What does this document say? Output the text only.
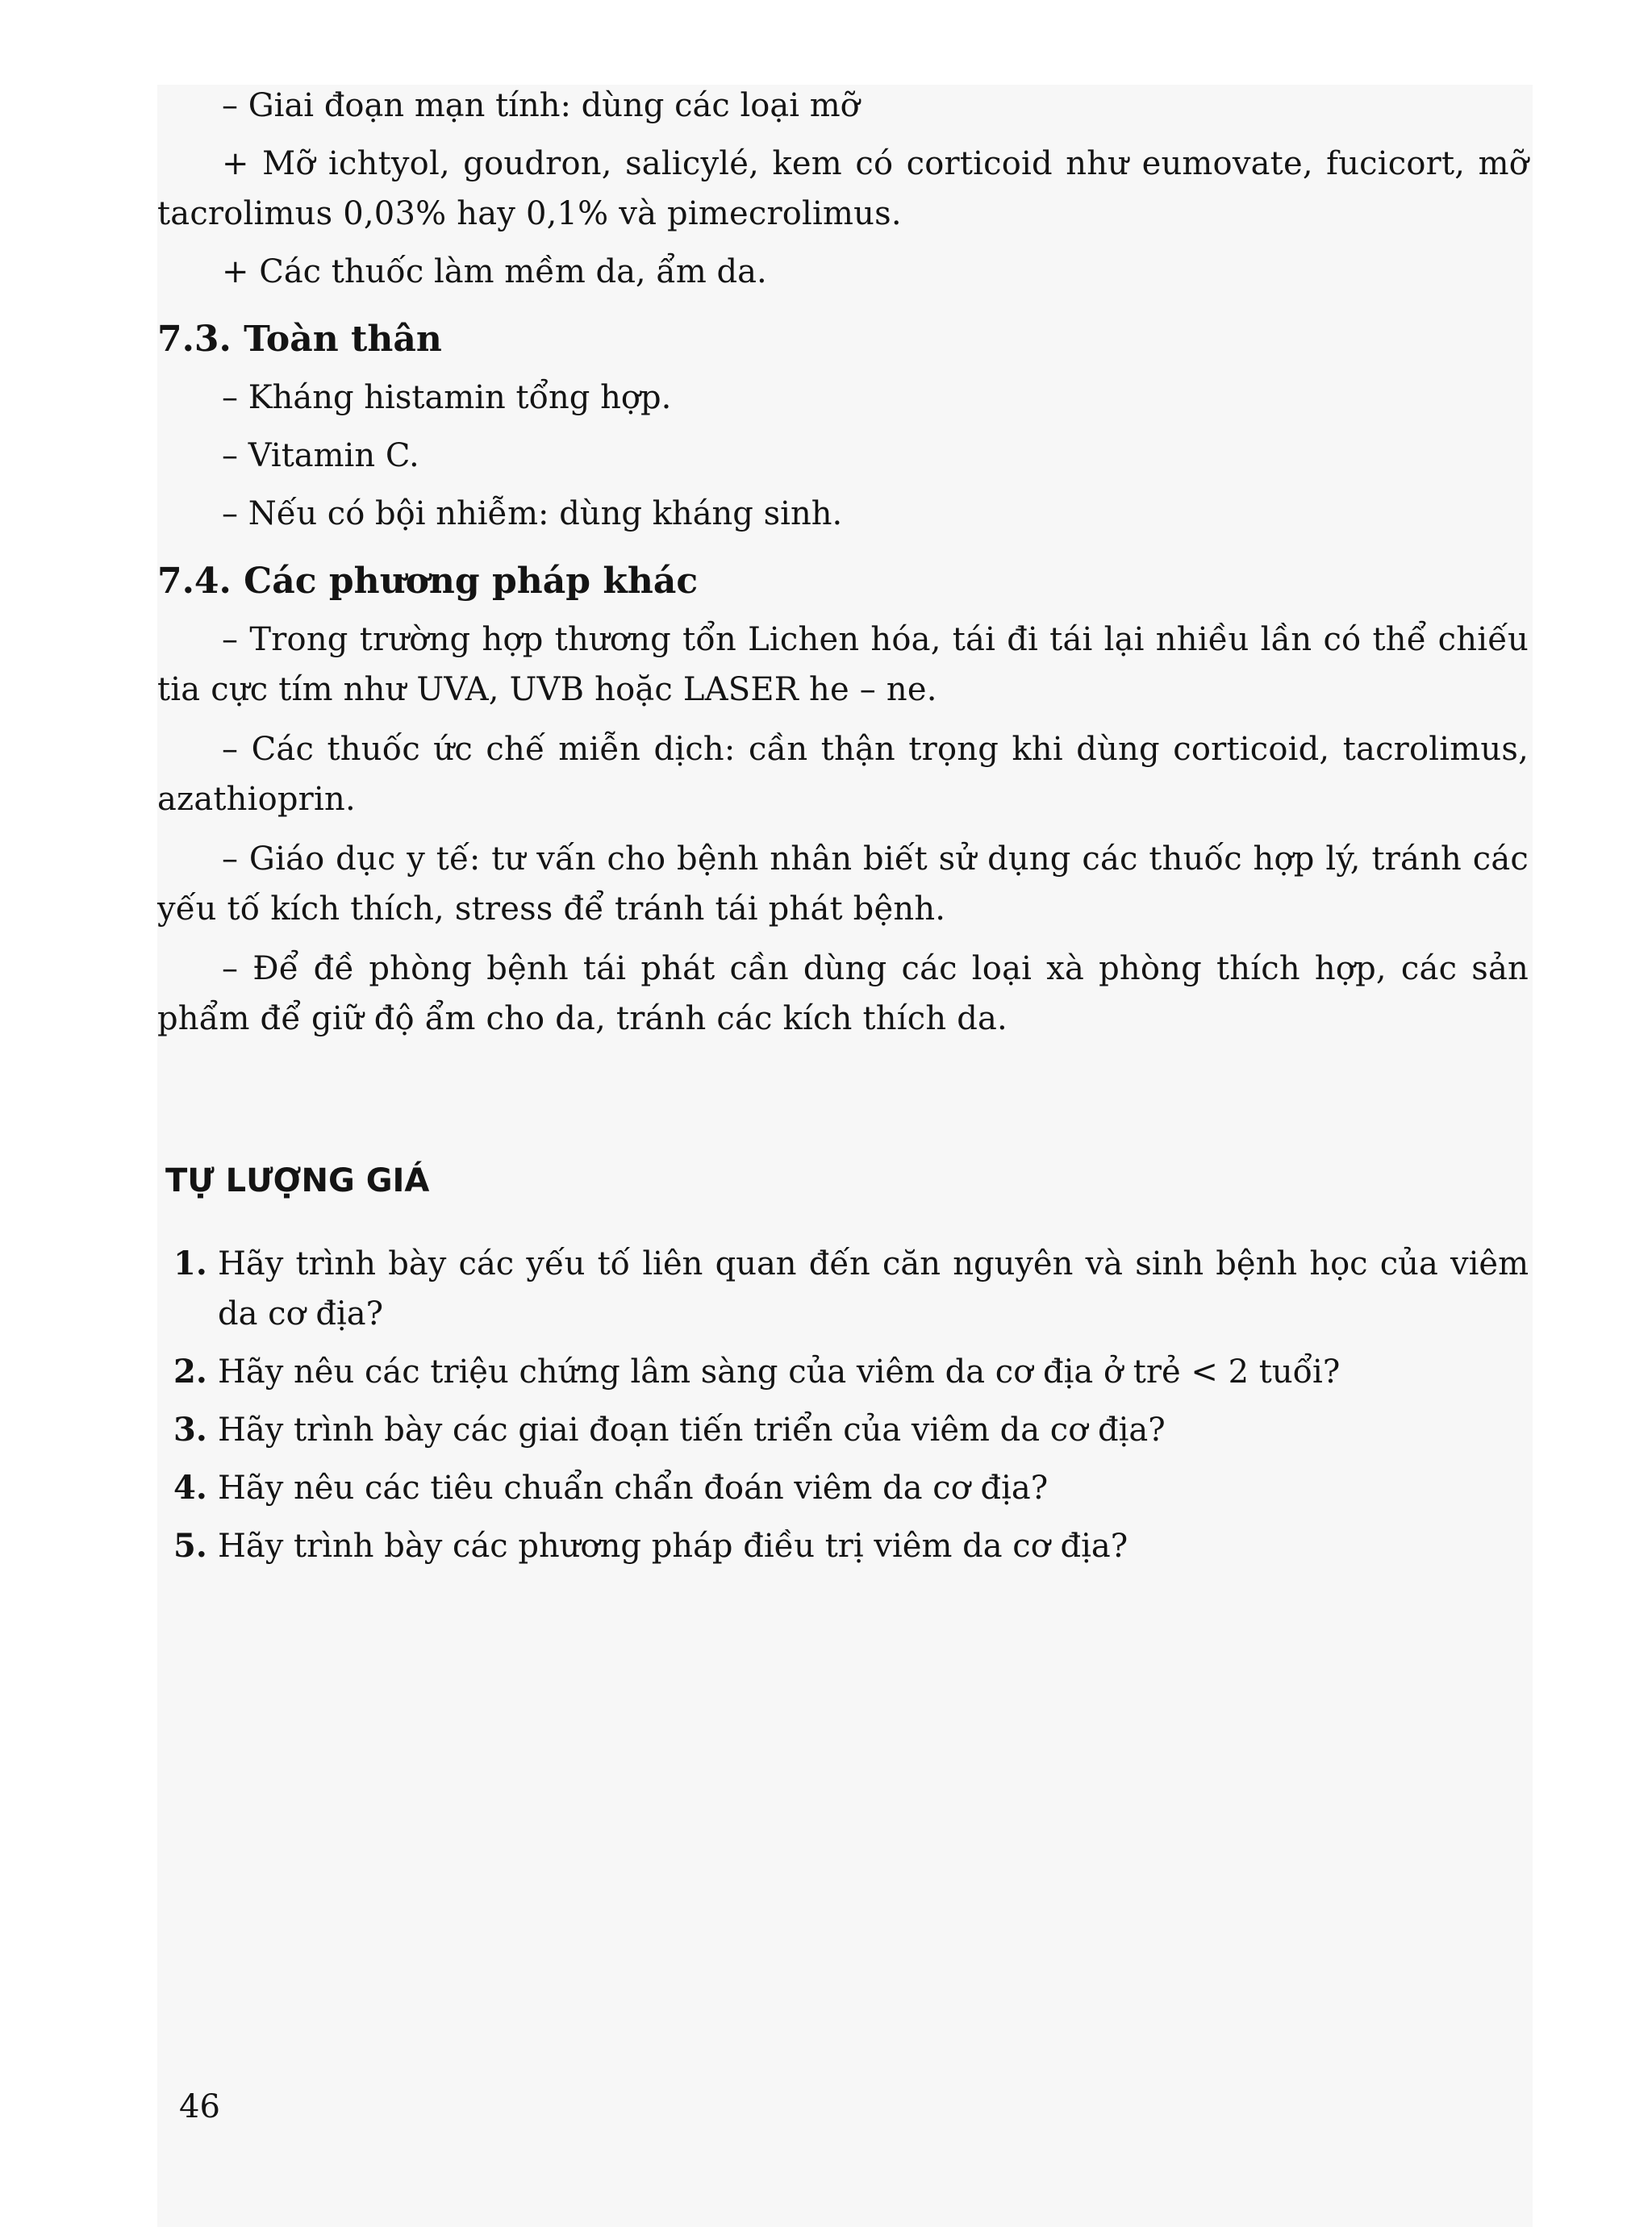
– Giai đoạn mạn tính: dùng các loại mỡ

+ Mỡ ichtyol, goudron, salicylé, kem có corticoid như eumovate, fucicort, mỡ tacrolimus 0,03% hay 0,1% và pimecrolimus.

+ Các thuốc làm mềm da, ẩm da.

7.3. Toàn thân

– Kháng histamin tổng hợp.

– Vitamin C.

– Nếu có bội nhiễm: dùng kháng sinh.

7.4. Các phương pháp khác

– Trong trường hợp thương tổn Lichen hóa, tái đi tái lại nhiều lần có thể chiếu tia cực tím như UVA, UVB hoặc LASER he – ne.

– Các thuốc ức chế miễn dịch: cần thận trọng khi dùng corticoid, tacrolimus, azathioprin.

– Giáo dục y tế: tư vấn cho bệnh nhân biết sử dụng các thuốc hợp lý, tránh các yếu tố kích thích, stress để tránh tái phát bệnh.

– Để đề phòng bệnh tái phát cần dùng các loại xà phòng thích hợp, các sản phẩm để giữ độ ẩm cho da, tránh các kích thích da.

TỰ LƯỢNG GIÁ
1. Hãy trình bày các yếu tố liên quan đến căn nguyên và sinh bệnh học của viêm da cơ địa?
2. Hãy nêu các triệu chứng lâm sàng của viêm da cơ địa ở trẻ < 2 tuổi?
3. Hãy trình bày các giai đoạn tiến triển của viêm da cơ địa?
4. Hãy nêu các tiêu chuẩn chẩn đoán viêm da cơ địa?
5. Hãy trình bày các phương pháp điều trị viêm da cơ địa?
46
